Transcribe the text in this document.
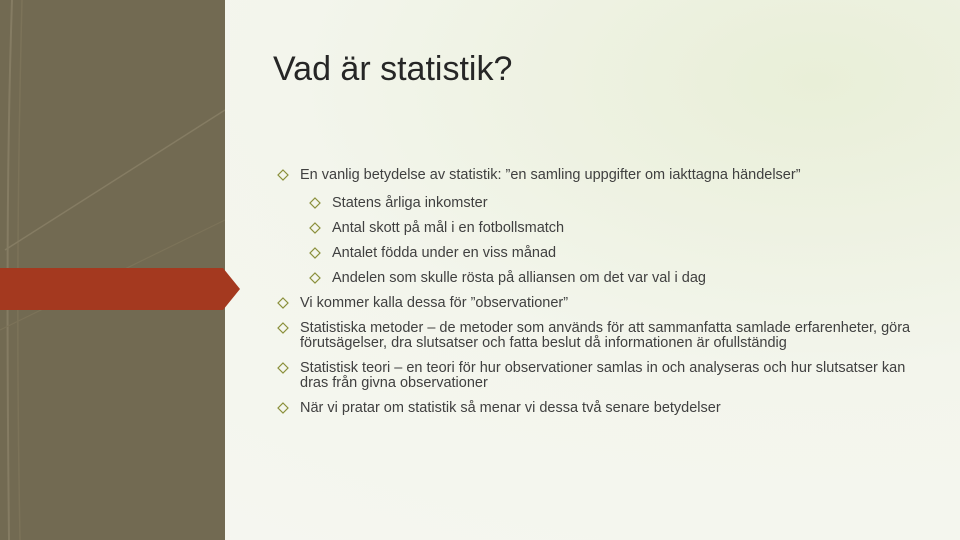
Vad är statistik?
En vanlig betydelse av statistik: ”en samling uppgifter om iakttagna händelser”
Statens årliga inkomster
Antal skott på mål i en fotbollsmatch
Antalet födda under en viss månad
Andelen som skulle rösta på alliansen om det var val i dag
Vi kommer kalla dessa för ”observationer”
Statistiska metoder – de metoder som används för att sammanfatta samlade erfarenheter, göra förutsägelser, dra slutsatser och fatta beslut då informationen är ofullständig
Statistisk teori – en teori för hur observationer samlas in och analyseras och hur slutsatser kan dras från givna observationer
När vi pratar om statistik så menar vi dessa två senare betydelser
